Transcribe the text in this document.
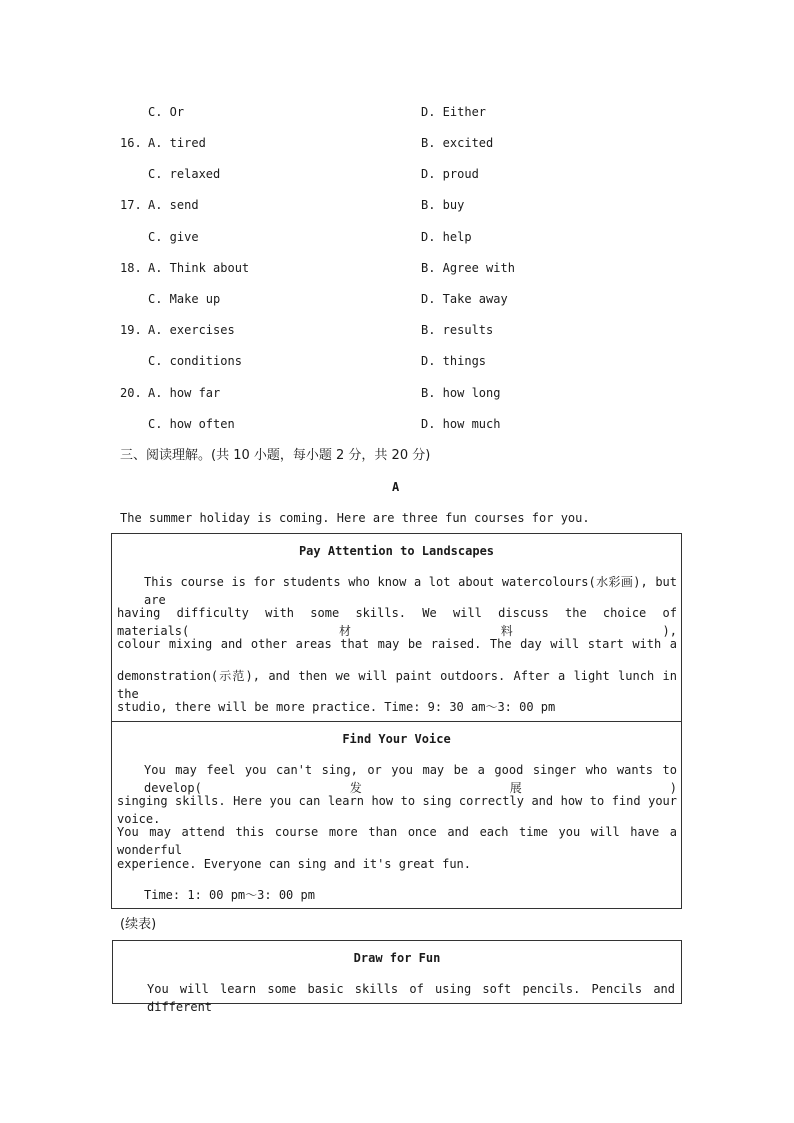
C. Or	D. Either
16. A. tired	B. excited
C. relaxed	D. proud
17. A. send	B. buy
C. give	D. help
18. A. Think about	B. Agree with
C. Make up	D. Take away
19. A. exercises	B. results
C. conditions	D. things
20. A. how far	B. how long
C. how often	D. how much
三、阅读理解。(共 10 小题，每小题 2 分，共 20 分)
A
The summer holiday is coming. Here are three fun courses for you.
Pay Attention to Landscapes
This course is for students who know a lot about watercolours(水彩画), but are
having difficulty with some skills. We will discuss the choice of materials(材料),
colour mixing and other areas that may be raised. The day will start with a
demonstration(示范), and then we will paint outdoors. After a light lunch in the
studio, there will be more practice. Time: 9: 30 am～3: 00 pm
Find Your Voice
You may feel you can't sing, or you may be a good singer who wants to develop(发展)
singing skills. Here you can learn how to sing correctly and how to find your voice.
You may attend this course more than once and each time you will have a wonderful
experience. Everyone can sing and it's great fun.
Time: 1: 00 pm～3: 00 pm
(续表)
Draw for Fun
You will learn some basic skills of using soft pencils. Pencils and different
